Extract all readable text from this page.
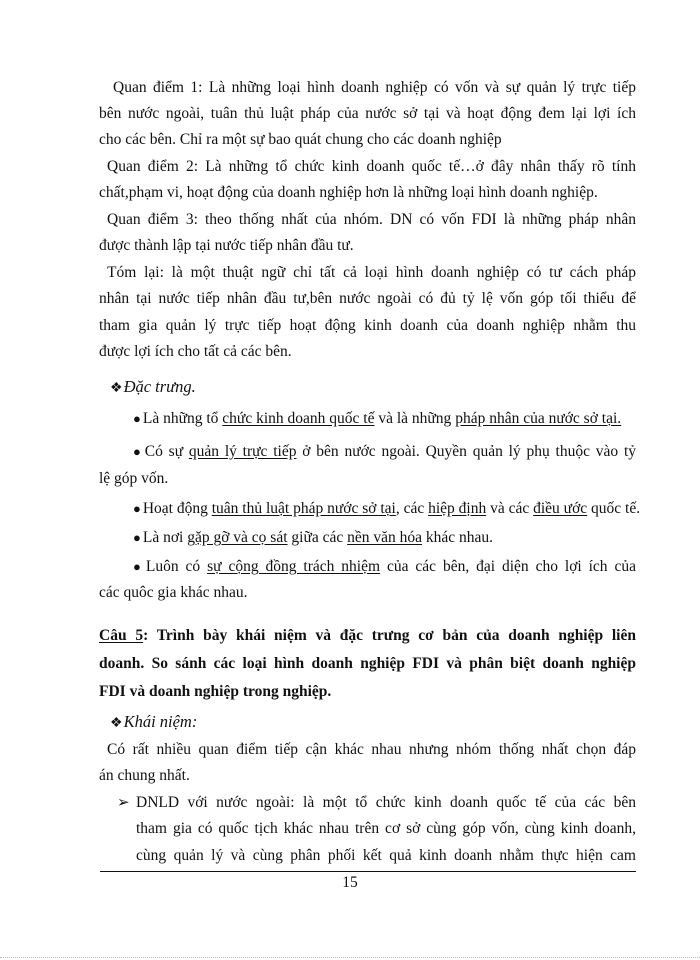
Quan điểm 1: Là những loại hình doanh nghiệp có vốn và sự quản lý trực tiếp
bên nước ngoài, tuân thủ luật pháp của nước sở tại và hoạt động đem lại lợi ích
cho các bên. Chỉ ra một sự bao quát chung cho các doanh nghiệp
Quan điểm 2: Là những tổ chức kinh doanh quốc tế…ở đây nhân thấy rõ tính
chất,phạm vi, hoạt động của doanh nghiệp hơn là những loại hình doanh nghiệp.
Quan điểm 3: theo thống nhất của nhóm. DN có vốn FDI là những pháp nhân
được thành lập tại nước tiếp nhân đầu tư.
Tóm lại: là một thuật ngữ chỉ tất cả loại hình doanh nghiệp có tư cách pháp
nhân tại nước tiếp nhân đầu tư,bên nước ngoài có đủ tỷ lệ vốn góp tối thiểu để
tham gia quản lý trực tiếp hoạt động kinh doanh của doanh nghiệp nhằm thu
được lợi ích cho tất cả các bên.
❖Đặc trưng.
● Là những tổ chức kinh doanh quốc tế và là những pháp nhân của nước sở tại.
● Có sự quản lý trực tiếp ở bên nước ngoài. Quyền quản lý phụ thuộc vào tỷ
lệ góp vốn.
● Hoạt động tuân thủ luật pháp nước sở tại, các hiệp định và các điều ước quốc tế.
● Là nơi gặp gỡ và cọ sát giữa các nền văn hóa khác nhau.
● Luôn có sự cộng đồng trách nhiệm của các bên, đại diện cho lợi ích của
các quôc gia khác nhau.
Câu 5: Trình bày khái niệm và đặc trưng cơ bản của doanh nghiệp liên
doanh. So sánh các loại hình doanh nghiệp FDI và phân biệt doanh nghiệp
FDI và doanh nghiệp trong nghiệp.
❖Khái niệm:
Có rất nhiều quan điểm tiếp cận khác nhau nhưng nhóm thống nhất chọn đáp
án chung nhất.
➢ DNLD với nước ngoài: là một tổ chức kinh doanh quốc tế của các bên
tham gia có quốc tịch khác nhau trên cơ sở cùng góp vốn, cùng kinh doanh,
cùng quản lý và cùng phân phối kết quả kinh doanh nhằm thực hiện cam
15
